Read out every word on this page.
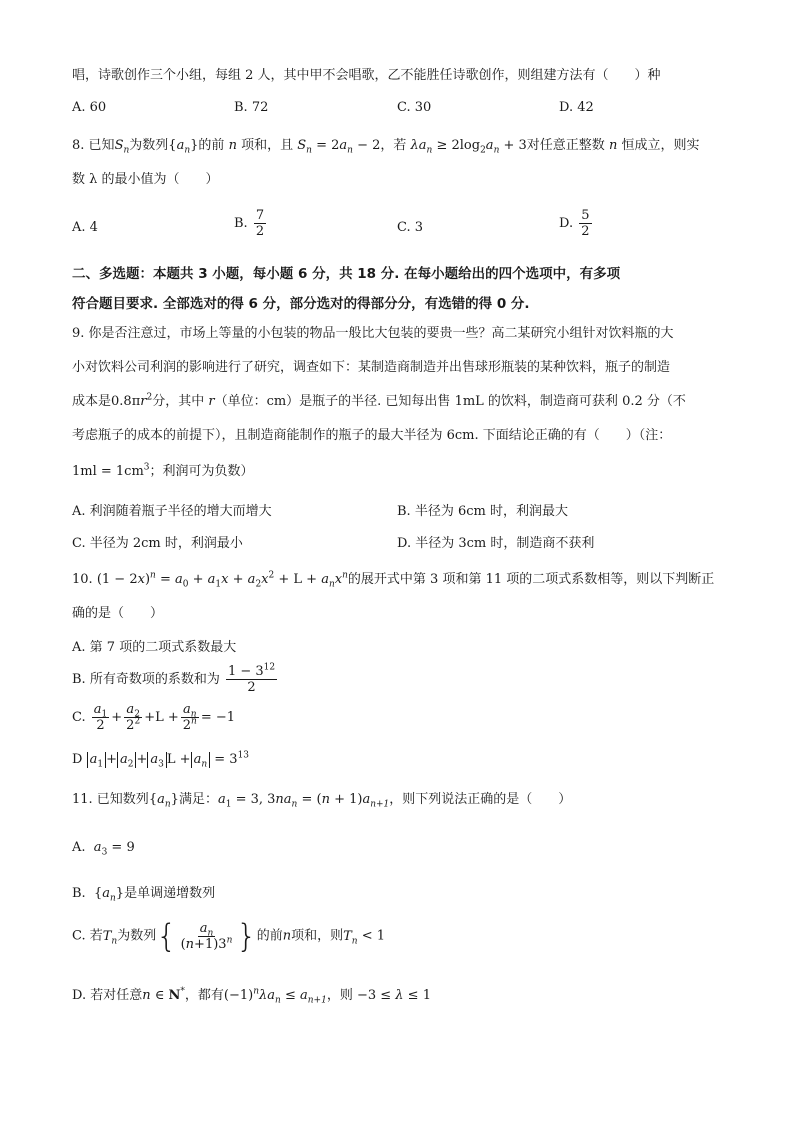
唱，诗歌创作三个小组，每组 2 人，其中甲不会唱歌，乙不能胜任诗歌创作，则组建方法有（　　）种
A. 60	B. 72	C. 30	D. 42
8. 已知$S_n$为数列$\{a_n\}$的前 n 项和，且 $S_n = 2a_n - 2$，若 $\lambda a_n \ge 2\log_2a_n + 3$对任意正整数 n 恒成立，则实
数 λ 的最小值为（　　）
A. 4	B. $\frac{7}{2}$	C. 3	D. $\frac{5}{2}$
二、多选题：本题共 3 小题，每小题 6 分，共 18 分. 在每小题给出的四个选项中，有多项
符合题目要求. 全部选对的得 6 分，部分选对的得部分分，有选错的得 0 分.
9. 你是否注意过，市场上等量的小包装的物品一般比大包装的要贵一些？高二某研究小组针对饮料瓶的大
小对饮料公司利润的影响进行了研究，调查如下：某制造商制造并出售球形瓶装的某种饮料，瓶子的制造
成本是$0.8\pi r^2$分，其中 r（单位：cm）是瓶子的半径. 已知每出售 1mL 的饮料，制造商可获利 0.2 分（不
考虑瓶子的成本的前提下），且制造商能制作的瓶子的最大半径为 6cm. 下面结论正确的有（　　）（注：
$1ml = 1cm^3$；利润可为负数）
A. 利润随着瓶子半径的增大而增大	B. 半径为 6cm 时，利润最大
C. 半径为 2cm 时，利润最小	D. 半径为 3cm 时，制造商不获利
10. $(1 - 2x)^n = a_0 + a_1x + a_2x^2 + L + a_nx^n$的展开式中第 3 项和第 11 项的二项式系数相等，则以下判断正
确的是（　　）
A. 第 7 项的二项式系数最大
B. 所有奇数项的系数和为 $\frac{1 - 3^{12}}{2}$
C. $\frac{a_1}{2} + \frac{a_2}{2^2} +L + \frac{a_n}{2^n} = -1$
D $a_1 + a_2 + a_3$ $L + a_n = 3^{13}$
11. 已知数列$\{a_n\}$满足：$a_1 = 3$, $3na_n = (n + 1)a_{n+1}$，则下列说法正确的是（　　）
A. $a_3 = 9$
B.  $\{a_n\}$是单调递增数列
C. 若$T_n$为数列{ $\frac{a_n}{(n+1)3^n}$ }的前n项和，则$T_n < 1$
D. 若对任意n ∈ N*，都有$(-1)^n\lambda a_n \le a_{n+1}$，则 −3 ≤ λ ≤ 1
